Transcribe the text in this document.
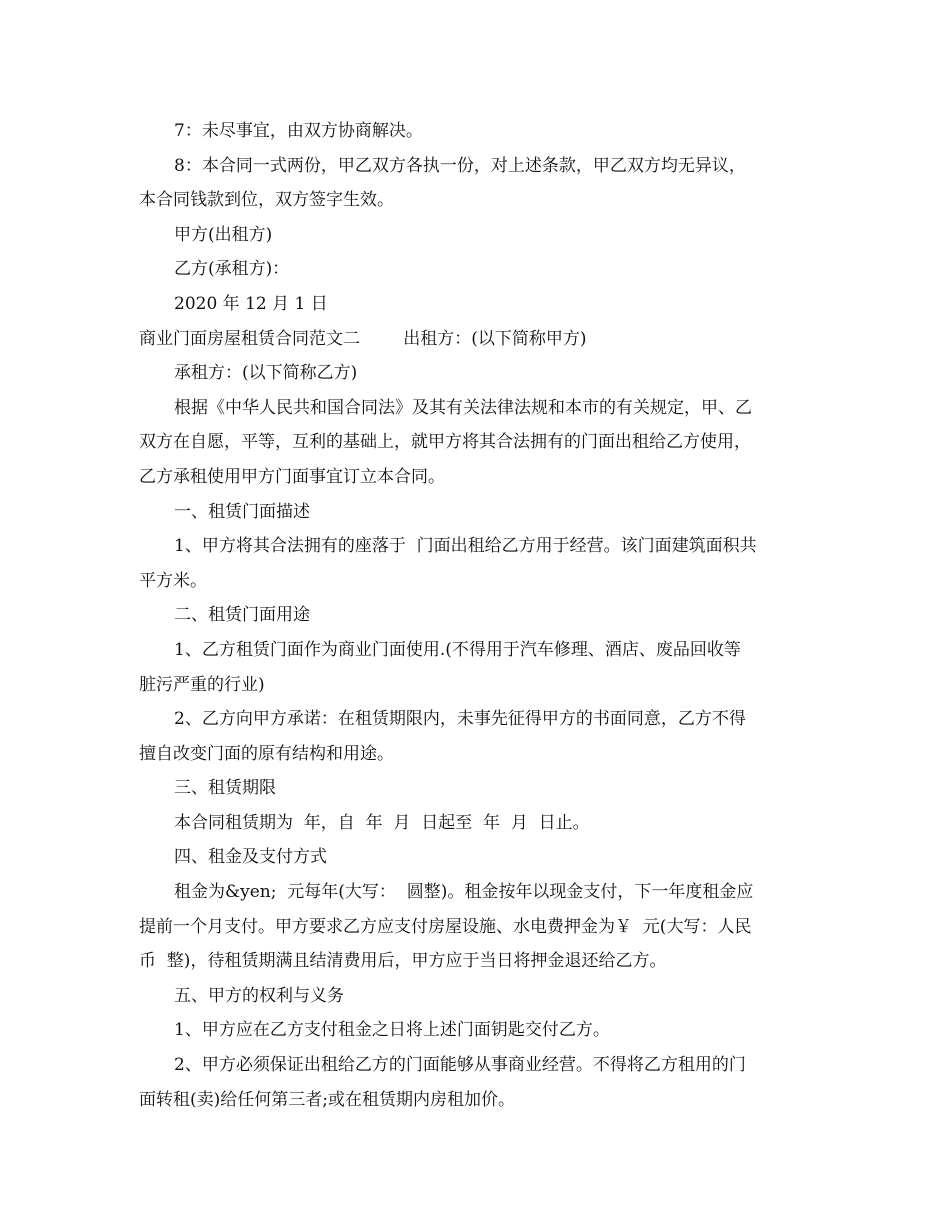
7：未尽事宜，由双方协商解决。

8：本合同一式两份，甲乙双方各执一份，对上述条款，甲乙双方均无异议，

本合同钱款到位，双方签字生效。

甲方(出租方)

乙方(承租方)：

2020 年 12 月 1 日

商业门面房屋租赁合同范文二        出租方：(以下简称甲方)

承租方：(以下简称乙方)

根据《中华人民共和国合同法》及其有关法律法规和本市的有关规定，甲、乙

双方在自愿，平等，互利的基础上，就甲方将其合法拥有的门面出租给乙方使用，

乙方承租使用甲方门面事宜订立本合同。

一、租赁门面描述

1、甲方将其合法拥有的座落于  门面出租给乙方用于经营。该门面建筑面积共

平方米。

二、租赁门面用途

1、乙方租赁门面作为商业门面使用.(不得用于汽车修理、酒店、废品回收等

脏污严重的行业)

2、乙方向甲方承诺：在租赁期限内，未事先征得甲方的书面同意，乙方不得

擅自改变门面的原有结构和用途。

三、租赁期限

本合同租赁期为  年，自  年  月  日起至  年  月  日止。

四、租金及支付方式

租金为&yen;  元每年(大写：  圆整)。租金按年以现金支付，下一年度租金应

提前一个月支付。甲方要求乙方应支付房屋设施、水电费押金为￥  元(大写：人民

币  整)，待租赁期满且结清费用后，甲方应于当日将押金退还给乙方。

五、甲方的权利与义务

1、甲方应在乙方支付租金之日将上述门面钥匙交付乙方。

2、甲方必须保证出租给乙方的门面能够从事商业经营。不得将乙方租用的门

面转租(卖)给任何第三者;或在租赁期内房租加价。
